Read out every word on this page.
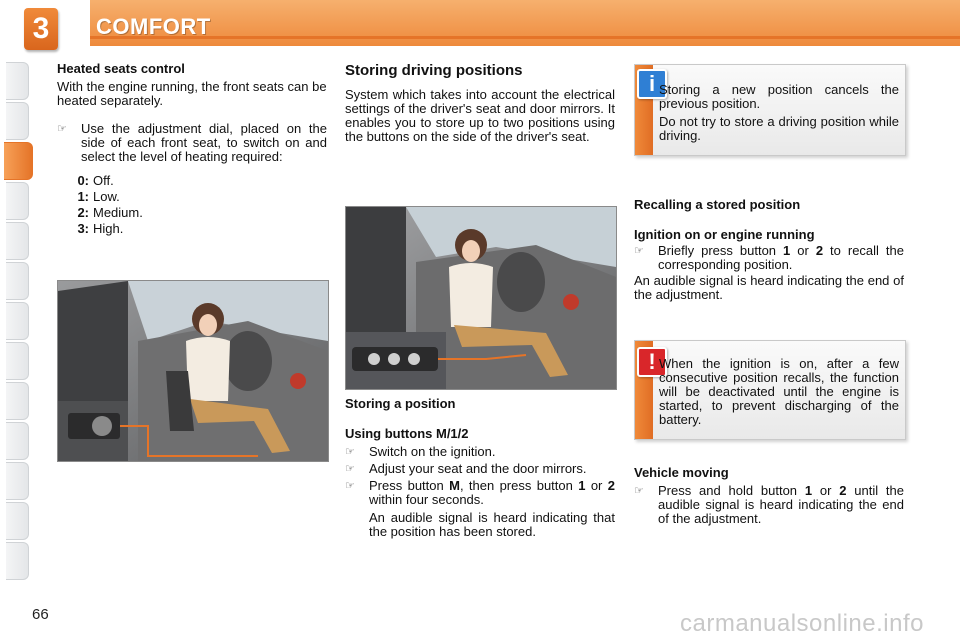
3	COMFORT

Heated seats control

With the engine running, the front seats can be heated separately.

☞	Use the adjustment dial, placed on the side of each front seat, to switch on and select the level of heating required:
0: Off.
1: Low.
2: Medium.
3: High.

Storing driving positions

System which takes into account the electrical settings of the driver's seat and door mirrors. It enables you to store up to two positions using the buttons on the side of the driver's seat.

Storing a position

Using buttons M/1/2

☞	Switch on the ignition.
☞	Adjust your seat and the door mirrors.
☞	Press button M, then press button 1 or 2 within four seconds.

An audible signal is heard indicating that the position has been stored.

i Storing a new position cancels the previous position.

Do not try to store a driving position while driving.

Recalling a stored position

Ignition on or engine running

☞	Briefly press button 1 or 2 to recall the corresponding position.

An audible signal is heard indicating the end of the adjustment.

! When the ignition is on, after a few consecutive position recalls, the function will be deactivated until the engine is started, to prevent discharging of the battery.

Vehicle moving

☞	Press and hold button 1 or 2 until the audible signal is heard indicating the end of the adjustment.
66	carmanualsonline.info
